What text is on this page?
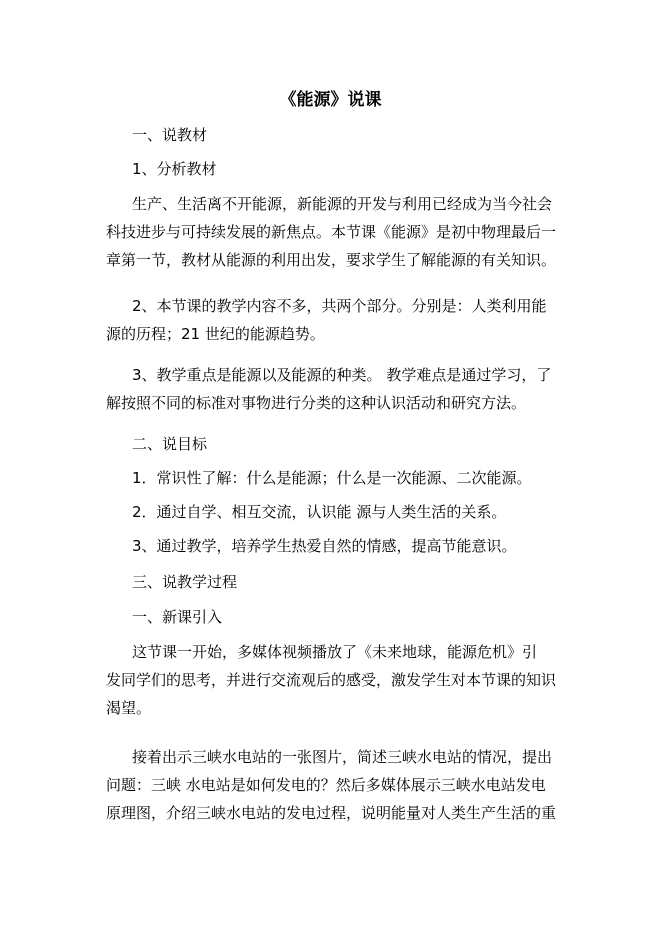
《能源》说课
一、说教材
1、分析教材
生产、生活离不开能源，新能源的开发与利用已经成为当今社会
科技进步与可持续发展的新焦点。本节课《能源》是初中物理最后一
章第一节，教材从能源的利用出发，要求学生了解能源的有关知识。
2、本节课的教学内容不多，共两个部分。分别是：人类利用能
源的历程；21 世纪的能源趋势。
3、教学重点是能源以及能源的种类。 教学难点是通过学习，了
解按照不同的标准对事物进行分类的这种认识活动和研究方法。
二、说目标
1．常识性了解：什么是能源；什么是一次能源、二次能源。
2．通过自学、相互交流，认识能 源与人类生活的关系。
3、通过教学，培养学生热爱自然的情感，提高节能意识。
三、说教学过程
一、新课引入
这节课一开始，多媒体视频播放了《未来地球，能源危机》引
发同学们的思考，并进行交流观后的感受，激发学生对本节课的知识
渴望。
接着出示三峡水电站的一张图片，简述三峡水电站的情况，提出
问题：三峡 水电站是如何发电的？然后多媒体展示三峡水电站发电
原理图，介绍三峡水电站的发电过程，说明能量对人类生产生活的重
